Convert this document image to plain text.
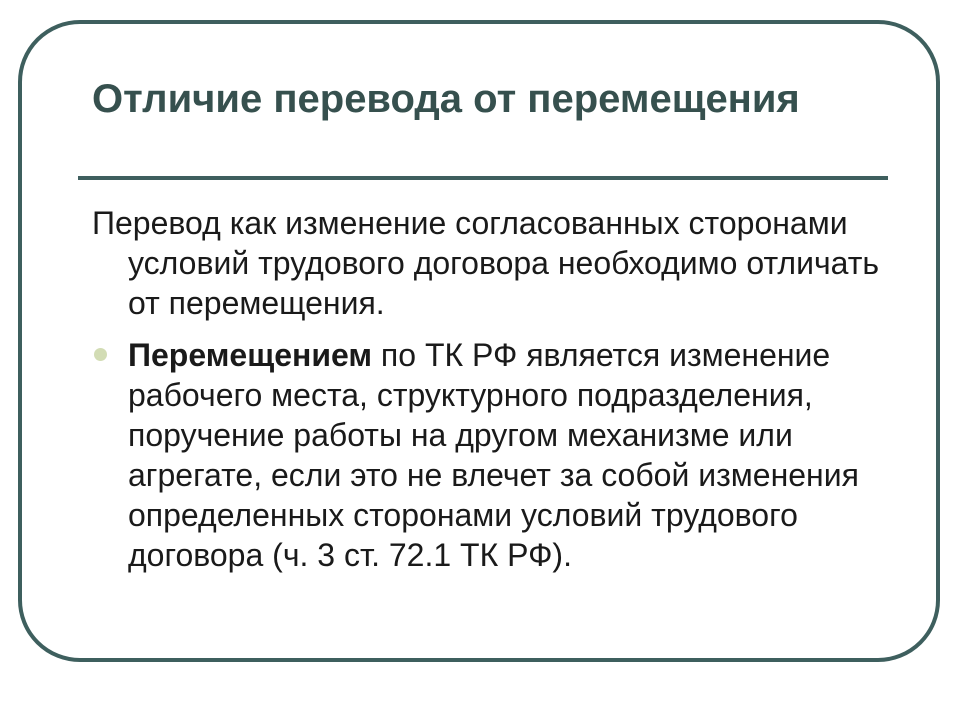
Отличие перевода от перемещения

Перевод как изменение согласованных сторонами условий трудового договора необходимо отличать от перемещения.

Перемещением по ТК РФ является изменение рабочего места, структурного подразделения, поручение работы на другом механизме или агрегате, если это не влечет за собой изменения определенных сторонами условий трудового договора (ч. 3 ст. 72.1 ТК РФ).
